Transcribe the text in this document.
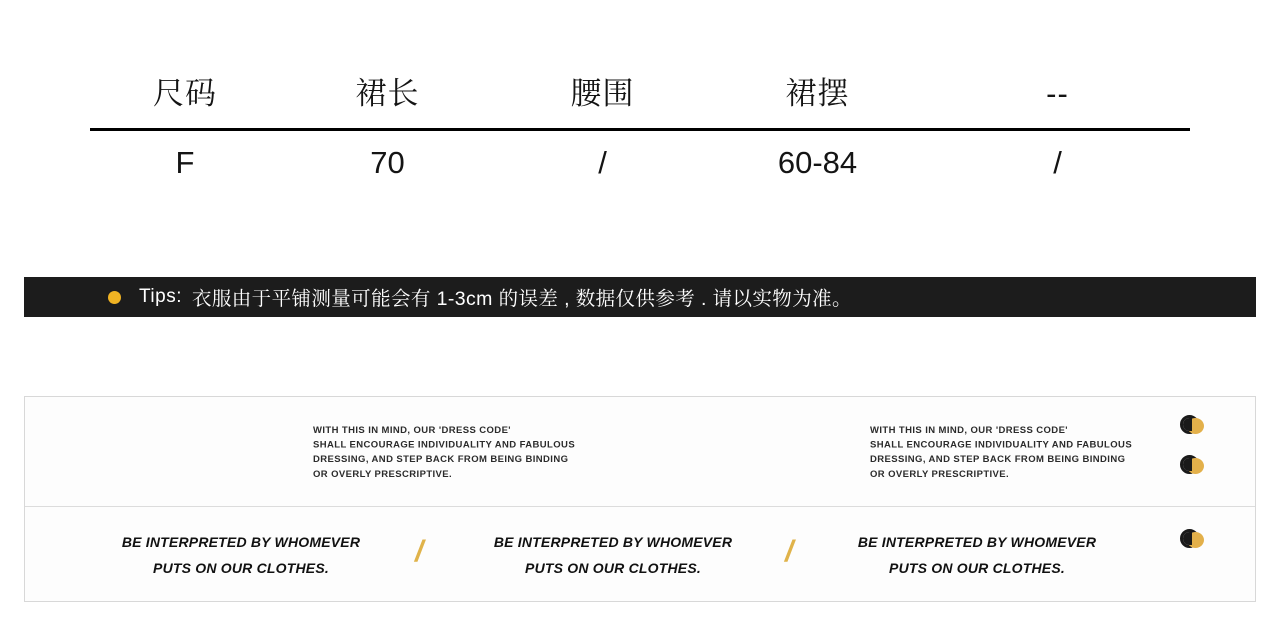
尺码	裙长	腰围	裙摆	--
F	70	/	60-84	/
Tips: 衣服由于平铺测量可能会有 1-3cm 的误差 , 数据仅供参考 . 请以实物为准。
WITH THIS IN MIND, OUR 'DRESS CODE'
SHALL ENCOURAGE INDIVIDUALITY AND FABULOUS
DRESSING, AND STEP BACK FROM BEING BINDING
OR OVERLY PRESCRIPTIVE.
WITH THIS IN MIND, OUR 'DRESS CODE'
SHALL ENCOURAGE INDIVIDUALITY AND FABULOUS
DRESSING, AND STEP BACK FROM BEING BINDING
OR OVERLY PRESCRIPTIVE.
BE INTERPRETED BY WHOMEVER
PUTS ON OUR CLOTHES.	/	BE INTERPRETED BY WHOMEVER
PUTS ON OUR CLOTHES.	/	BE INTERPRETED BY WHOMEVER
PUTS ON OUR CLOTHES.
